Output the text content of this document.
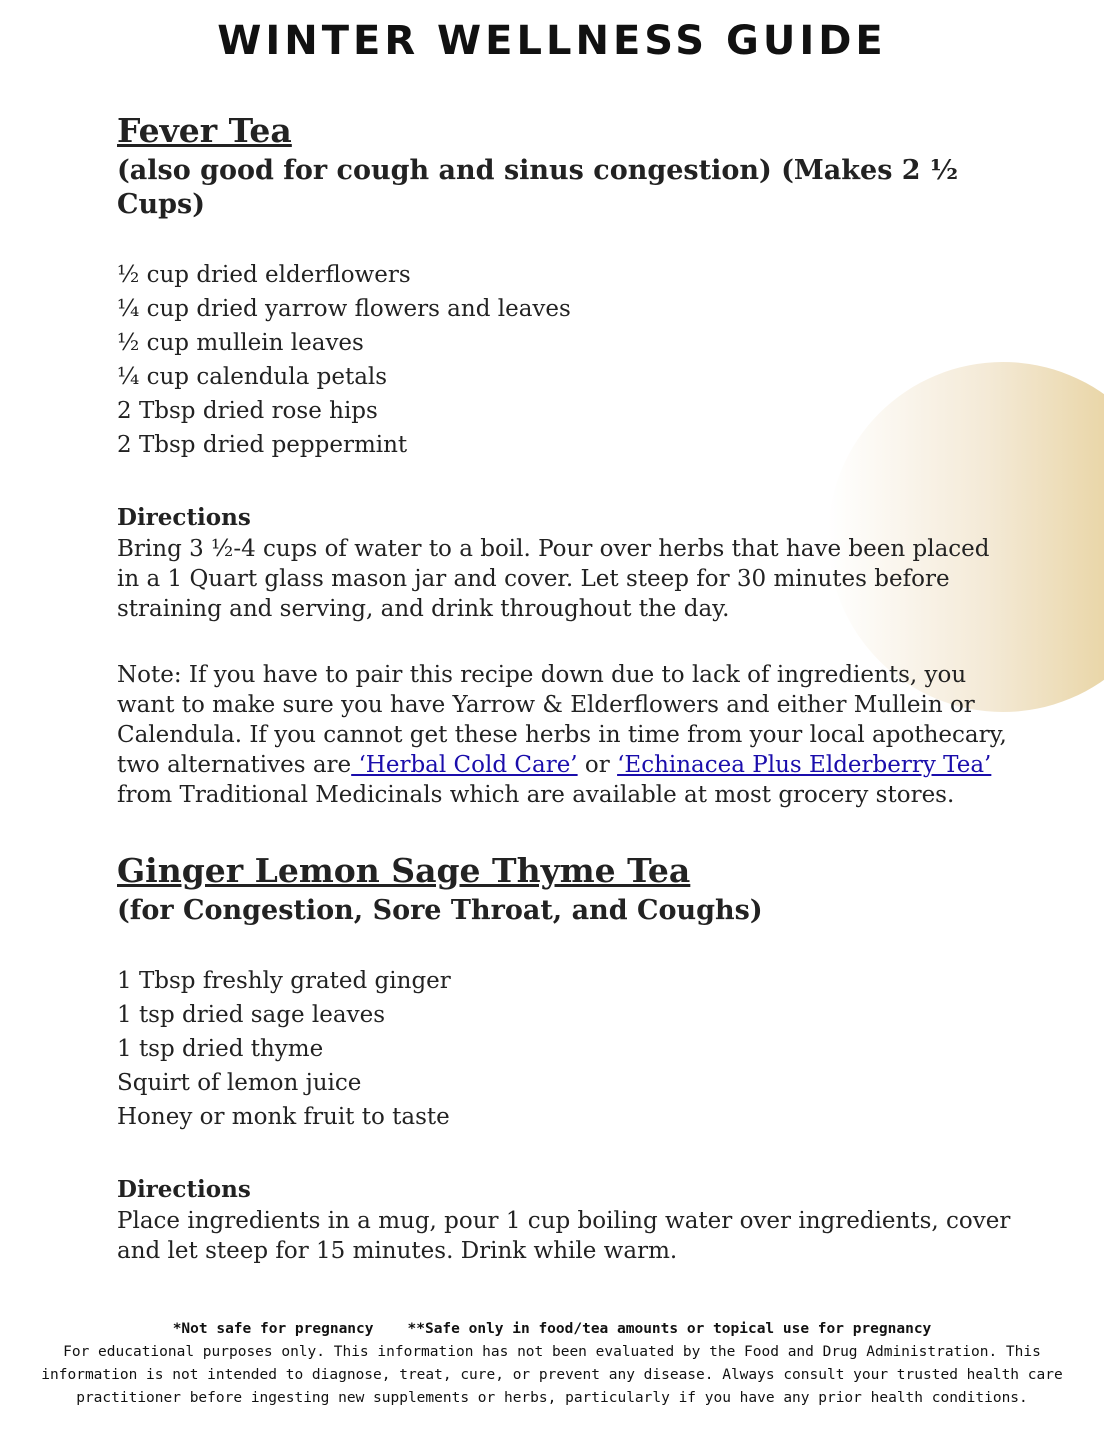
WINTER WELLNESS GUIDE
Fever Tea
(also good for cough and sinus congestion) (Makes 2 ½ Cups)
½ cup dried elderflowers
¼ cup dried yarrow flowers and leaves
½ cup mullein leaves
¼ cup calendula petals
2 Tbsp dried rose hips
2 Tbsp dried peppermint
Directions

Bring 3 ½-4 cups of water to a boil. Pour over herbs that have been placed in a 1 Quart glass mason jar and cover. Let steep for 30 minutes before straining and serving, and drink throughout the day.

Note: If you have to pair this recipe down due to lack of ingredients, you want to make sure you have Yarrow & Elderflowers and either Mullein or Calendula. If you cannot get these herbs in time from your local apothecary, two alternatives are ‘Herbal Cold Care’ or ‘Echinacea Plus Elderberry Tea’ from Traditional Medicinals which are available at most grocery stores.

Ginger Lemon Sage Thyme Tea
(for Congestion, Sore Throat, and Coughs)
1 Tbsp freshly grated ginger
1 tsp dried sage leaves
1 tsp dried thyme
Squirt of lemon juice
Honey or monk fruit to taste
Directions

Place ingredients in a mug, pour 1 cup boiling water over ingredients, cover and let steep for 15 minutes. Drink while warm.

*Not safe for pregnancy **Safe only in food/tea amounts or topical use for pregnancy
For educational purposes only. This information has not been evaluated by the Food and Drug Administration. This information is not intended to diagnose, treat, cure, or prevent any disease. Always consult your trusted health care practitioner before ingesting new supplements or herbs, particularly if you have any prior health conditions.
